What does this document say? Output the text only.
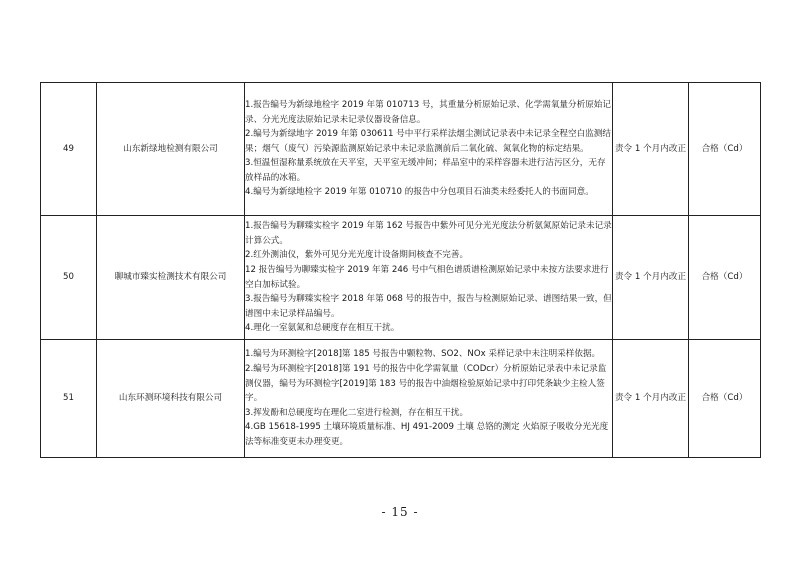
49	山东新绿地检测有限公司	1.报告编号为新绿地检字 2019 年第 010713 号，其重量分析原始记录、化学需氧量分析原始记录、分光光度法原始记录未记录仪器设备信息。
2.编号为新绿地字 2019 年第 030611 号中平行采样法烟尘测试记录表中未记录全程空白监测结果；烟气（废气）污染源监测原始记录中未记录监测前后二氧化硫、氮氧化物的标定结果。
3.恒温恒湿称量系统放在天平室，天平室无缓冲间；样品室中的采样容器未进行洁污区分，无存放样品的冰箱。
4.编号为新绿地检字 2019 年第 010710 的报告中分包项目石油类未经委托人的书面同意。	责令 1 个月内改正	合格（Cd）
50	聊城市臻实检测技术有限公司	1.报告编号为聊臻实检字 2019 年第 162 号报告中紫外可见分光光度法分析氨氮原始记录未记录计算公式。
2.红外测油仪，紫外可见分光光度计设备期间核查不完善。
12 报告编号为聊臻实检字 2019 年第 246 号中气相色谱质谱检测原始记录中未按方法要求进行空白加标试验。
3.报告编号为聊臻实检字 2018 年第 068 号的报告中，报告与检测原始记录、谱图结果一致，但谱图中未记录样品编号。
4.理化一室氨氮和总硬度存在相互干扰。	责令 1 个月内改正	合格（Cd）
51	山东环测环境科技有限公司	1.编号为环测检字[2018]第 185 号报告中颗粒物、SO2、NOx 采样记录中未注明采样依据。
2.编号为环测检字[2018]第 191 号的报告中化学需氧量（CODcr）分析原始记录表中未记录监测仪器，编号为环测检字[2019]第 183 号的报告中油烟检验原始记录中打印凭条缺少主检人签字。
3.挥发酚和总硬度均在理化二室进行检测，存在相互干扰。
4.GB 15618-1995 土壤环境质量标准、HJ 491-2009 土壤 总铬的测定 火焰原子吸收分光光度法等标准变更未办理变更。	责令 1 个月内改正	合格（Cd）
- 15 -
